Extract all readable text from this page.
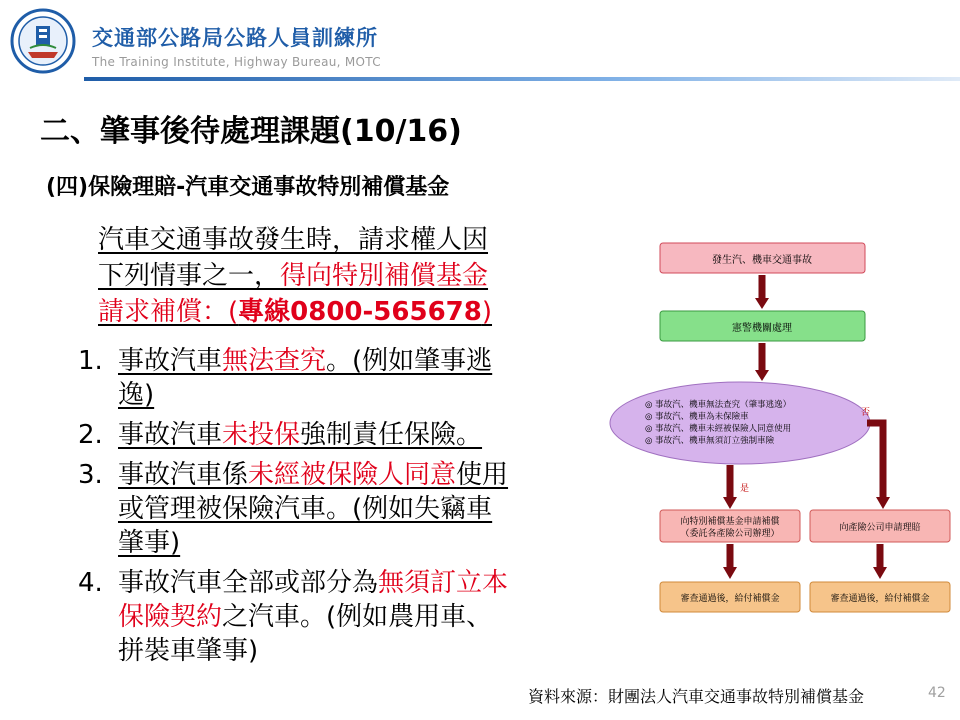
交通部公路局公路人員訓練所
The Training Institute, Highway Bureau, MOTC
二、肇事後待處理課題(10/16)
(四)保險理賠-汽車交通事故特別補償基金
汽車交通事故發生時，請求權人因
下列情事之一，得向特別補償基金
請求補償：(專線0800-565678)
1. 事故汽車無法查究。(例如肇事逃
逸)
2. 事故汽車未投保強制責任保險。
3. 事故汽車係未經被保險人同意使用
或管理被保險汽車。(例如失竊車
肇事)
4. 事故汽車全部或部分為無須訂立本
保險契約之汽車。(例如農用車、
拼裝車肇事)
發生汽、機車交通事故
憲警機關處理
◎ 事故汽、機車無法查究（肇事逃逸）
◎ 事故汽、機車為未保險車
◎ 事故汽、機車未經被保險人同意使用
◎ 事故汽、機車無須訂立強制車險
否
是
向特別補償基金申請補償
（委託各產險公司辦理）
向產險公司申請理賠
審查通過後，給付補償金	審查通過後，給付補償金
資料來源：財團法人汽車交通事故特別補償基金	42
